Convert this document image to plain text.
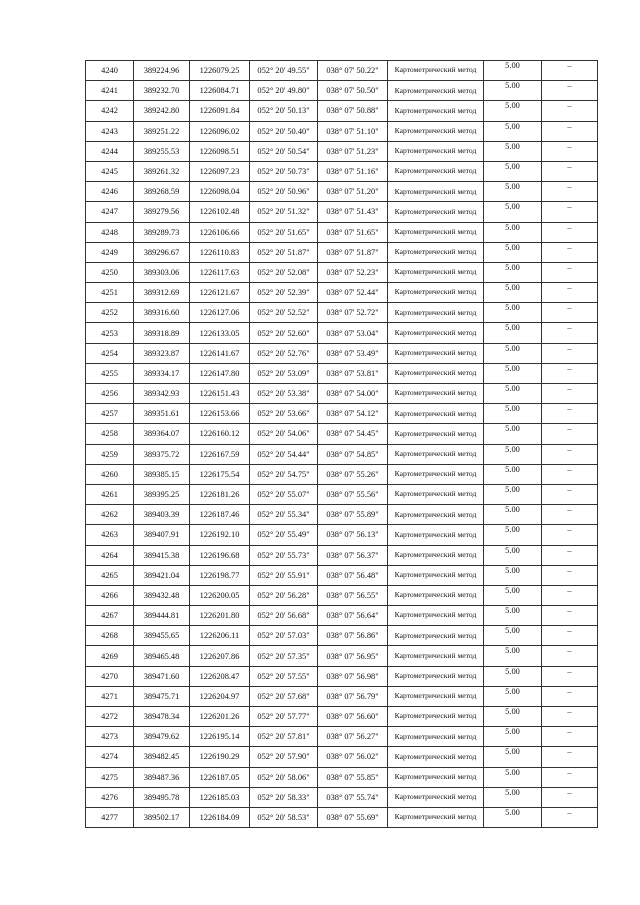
4240	389224.96	1226079.25	052° 20' 49.55"	038° 07' 50.22"	Картометрический метод	5.00	–
4241	389232.70	1226084.71	052° 20' 49.80"	038° 07' 50.50"	Картометрический метод	5.00	–
4242	389242.80	1226091.84	052° 20' 50.13"	038° 07' 50.88"	Картометрический метод	5.00	–
4243	389251.22	1226096.02	052° 20' 50.40"	038° 07' 51.10"	Картометрический метод	5.00	–
4244	389255.53	1226098.51	052° 20' 50.54"	038° 07' 51.23"	Картометрический метод	5.00	–
4245	389261.32	1226097.23	052° 20' 50.73"	038° 07' 51.16"	Картометрический метод	5.00	–
4246	389268.59	1226098.04	052° 20' 50.96"	038° 07' 51.20"	Картометрический метод	5.00	–
4247	389279.56	1226102.48	052° 20' 51.32"	038° 07' 51.43"	Картометрический метод	5.00	–
4248	389289.73	1226106.66	052° 20' 51.65"	038° 07' 51.65"	Картометрический метод	5.00	–
4249	389296.67	1226110.83	052° 20' 51.87"	038° 07' 51.87"	Картометрический метод	5.00	–
4250	389303.06	1226117.63	052° 20' 52.08"	038° 07' 52.23"	Картометрический метод	5.00	–
4251	389312.69	1226121.67	052° 20' 52.39"	038° 07' 52.44"	Картометрический метод	5.00	–
4252	389316.60	1226127.06	052° 20' 52.52"	038° 07' 52.72"	Картометрический метод	5.00	–
4253	389318.89	1226133.05	052° 20' 52.60"	038° 07' 53.04"	Картометрический метод	5.00	–
4254	389323.87	1226141.67	052° 20' 52.76"	038° 07' 53.49"	Картометрический метод	5.00	–
4255	389334.17	1226147.80	052° 20' 53.09"	038° 07' 53.81"	Картометрический метод	5.00	–
4256	389342.93	1226151.43	052° 20' 53.38"	038° 07' 54.00"	Картометрический метод	5.00	–
4257	389351.61	1226153.66	052° 20' 53.66"	038° 07' 54.12"	Картометрический метод	5.00	–
4258	389364.07	1226160.12	052° 20' 54.06"	038° 07' 54.45"	Картометрический метод	5.00	–
4259	389375.72	1226167.59	052° 20' 54.44"	038° 07' 54.85"	Картометрический метод	5.00	–
4260	389385.15	1226175.54	052° 20' 54.75"	038° 07' 55.26"	Картометрический метод	5.00	–
4261	389395.25	1226181.26	052° 20' 55.07"	038° 07' 55.56"	Картометрический метод	5.00	–
4262	389403.39	1226187.46	052° 20' 55.34"	038° 07' 55.89"	Картометрический метод	5.00	–
4263	389407.91	1226192.10	052° 20' 55.49"	038° 07' 56.13"	Картометрический метод	5.00	–
4264	389415.38	1226196.68	052° 20' 55.73"	038° 07' 56.37"	Картометрический метод	5.00	–
4265	389421.04	1226198.77	052° 20' 55.91"	038° 07' 56.48"	Картометрический метод	5.00	–
4266	389432.48	1226200.05	052° 20' 56.28"	038° 07' 56.55"	Картометрический метод	5.00	–
4267	389444.81	1226201.80	052° 20' 56.68"	038° 07' 56.64"	Картометрический метод	5.00	–
4268	389455.65	1226206.11	052° 20' 57.03"	038° 07' 56.86"	Картометрический метод	5.00	–
4269	389465.48	1226207.86	052° 20' 57.35"	038° 07' 56.95"	Картометрический метод	5.00	–
4270	389471.60	1226208.47	052° 20' 57.55"	038° 07' 56.98"	Картометрический метод	5.00	–
4271	389475.71	1226204.97	052° 20' 57.68"	038° 07' 56.79"	Картометрический метод	5.00	–
4272	389478.34	1226201.26	052° 20' 57.77"	038° 07' 56.60"	Картометрический метод	5.00	–
4273	389479.62	1226195.14	052° 20' 57.81"	038° 07' 56.27"	Картометрический метод	5.00	–
4274	389482.45	1226190.29	052° 20' 57.90"	038° 07' 56.02"	Картометрический метод	5.00	–
4275	389487.36	1226187.05	052° 20' 58.06"	038° 07' 55.85"	Картометрический метод	5.00	–
4276	389495.78	1226185.03	052° 20' 58.33"	038° 07' 55.74"	Картометрический метод	5.00	–
4277	389502.17	1226184.09	052° 20' 58.53"	038° 07' 55.69"	Картометрический метод	5.00	–
